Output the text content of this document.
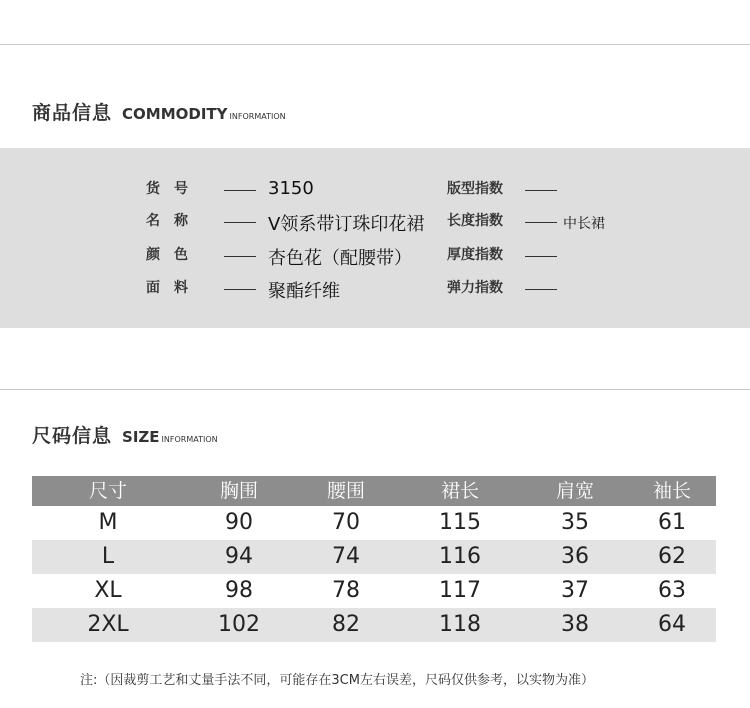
商品信息 COMMODITY INFORMATION
货　号	3150	版型指数
名　称	V领系带订珠印花裙 长度指数	中长裙
颜　色	杏色花（配腰带）	厚度指数
面　料	聚酯纤维	弹力指数
尺码信息 SIZE INFORMATION
尺寸	胸围	腰围	裙长	肩宽	袖长
M	90	70	115	35	61
L	94	74	116	36	62
XL	98	78	117	37	63
2XL	102	82	118	38	64
注:（因裁剪工艺和丈量手法不同，可能存在3CM左右误差，尺码仅供参考，以实物为准）
